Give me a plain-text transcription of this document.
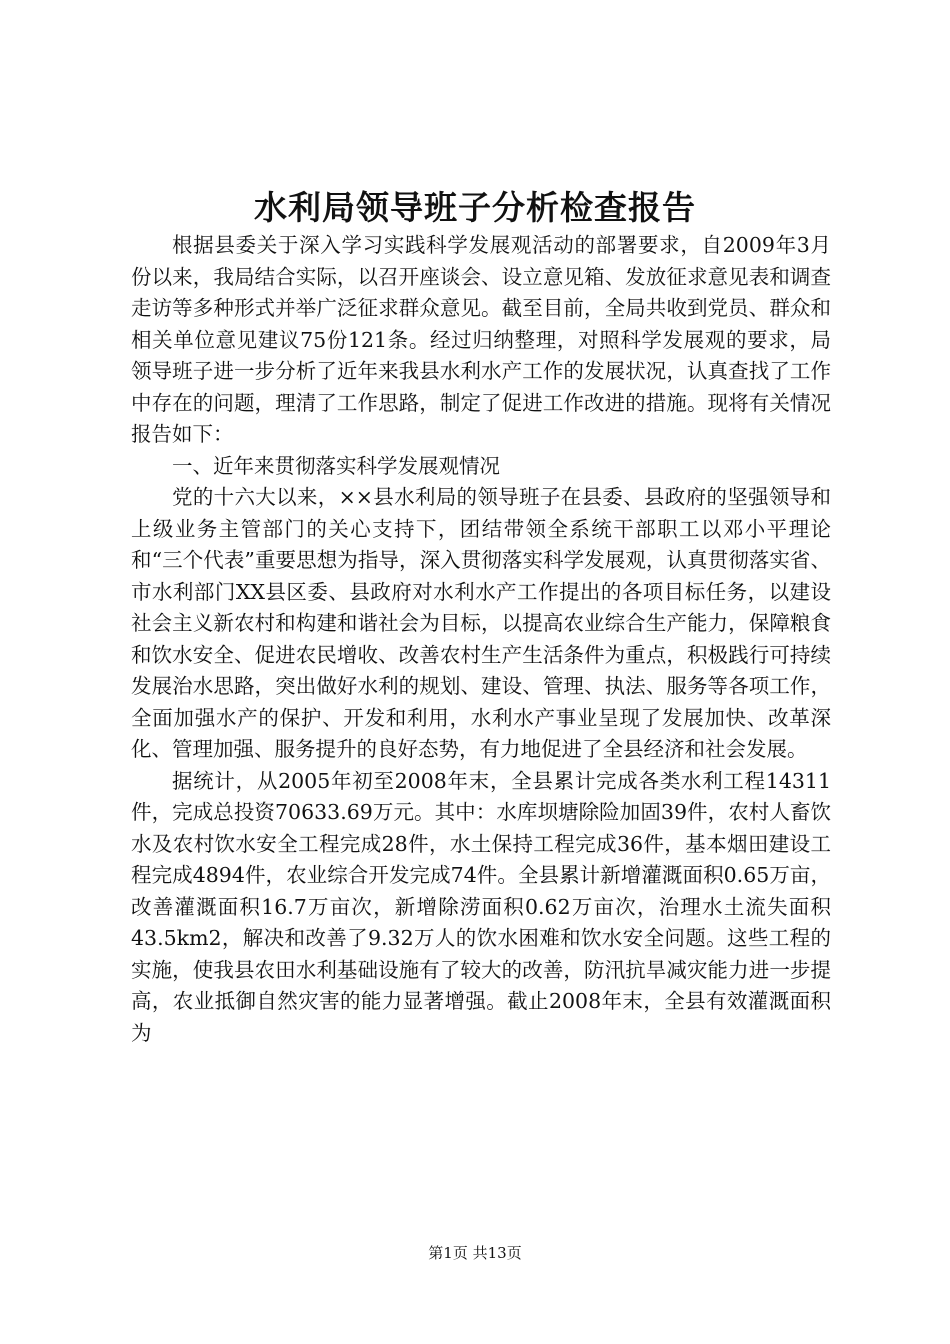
水利局领导班子分析检查报告

根据县委关于深入学习实践科学发展观活动的部署要求，自2009年3月份以来，我局结合实际，以召开座谈会、设立意见箱、发放征求意见表和调查走访等多种形式并举广泛征求群众意见。截至目前，全局共收到党员、群众和相关单位意见建议75份121条。经过归纳整理，对照科学发展观的要求，局领导班子进一步分析了近年来我县水利水产工作的发展状况，认真查找了工作中存在的问题，理清了工作思路，制定了促进工作改进的措施。现将有关情况报告如下：

一、近年来贯彻落实科学发展观情况

党的十六大以来，××县水利局的领导班子在县委、县政府的坚强领导和上级业务主管部门的关心支持下，团结带领全系统干部职工以邓小平理论和“三个代表”重要思想为指导，深入贯彻落实科学发展观，认真贯彻落实省、市水利部门XX县区委、县政府对水利水产工作提出的各项目标任务，以建设社会主义新农村和构建和谐社会为目标，以提高农业综合生产能力，保障粮食和饮水安全、促进农民增收、改善农村生产生活条件为重点，积极践行可持续发展治水思路，突出做好水利的规划、建设、管理、执法、服务等各项工作，全面加强水产的保护、开发和利用，水利水产事业呈现了发展加快、改革深化、管理加强、服务提升的良好态势，有力地促进了全县经济和社会发展。

据统计，从2005年初至2008年末，全县累计完成各类水利工程14311件，完成总投资70633.69万元。其中：水库坝塘除险加固39件，农村人畜饮水及农村饮水安全工程完成28件，水土保持工程完成36件，基本烟田建设工程完成4894件，农业综合开发完成74件。全县累计新增灌溉面积0.65万亩，改善灌溉面积16.7万亩次，新增除涝面积0.62万亩次，治理水土流失面积43.5km2，解决和改善了9.32万人的饮水困难和饮水安全问题。这些工程的实施，使我县农田水利基础设施有了较大的改善，防汛抗旱减灾能力进一步提高，农业抵御自然灾害的能力显著增强。截止2008年末，全县有效灌溉面积为

第1页 共13页
